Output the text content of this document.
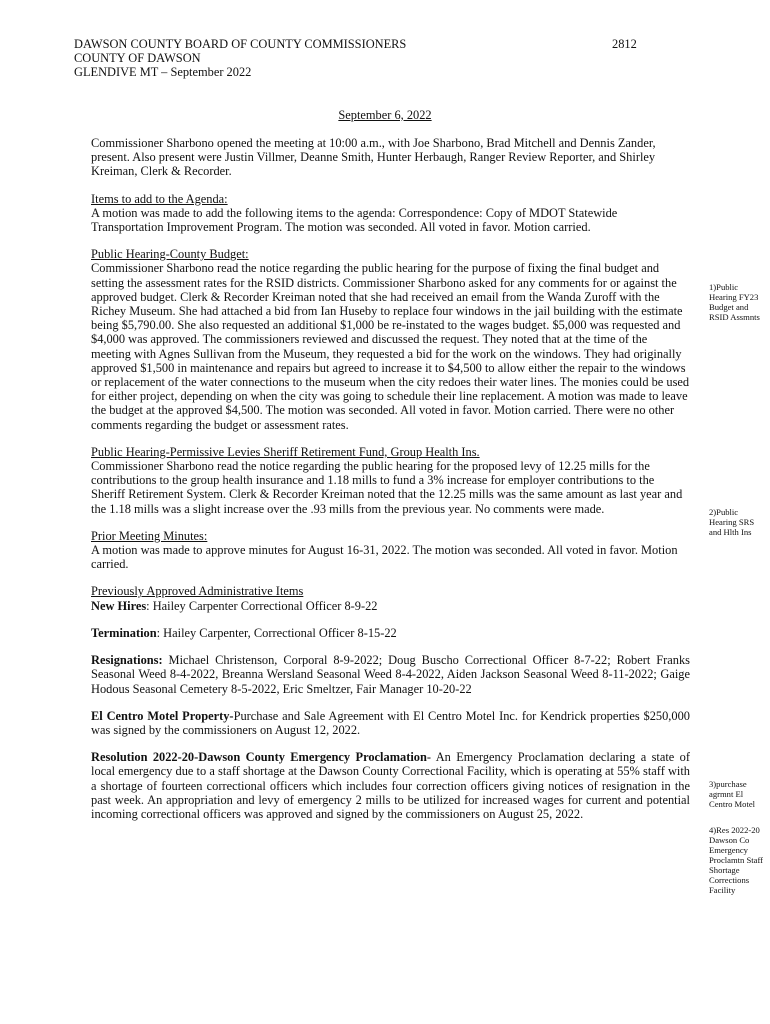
DAWSON COUNTY BOARD OF COUNTY COMMISSIONERS
COUNTY OF DAWSON
GLENDIVE MT – September 2022
2812
September 6, 2022

Commissioner Sharbono opened the meeting at 10:00 a.m., with Joe Sharbono, Brad Mitchell and Dennis Zander, present. Also present were Justin Villmer, Deanne Smith, Hunter Herbaugh, Ranger Review Reporter, and Shirley Kreiman, Clerk & Recorder.

Items to add to the Agenda:

A motion was made to add the following items to the agenda: Correspondence: Copy of MDOT Statewide Transportation Improvement Program. The motion was seconded. All voted in favor. Motion carried.

Public Hearing-County Budget:

Commissioner Sharbono read the notice regarding the public hearing for the purpose of fixing the final budget and setting the assessment rates for the RSID districts. Commissioner Sharbono asked for any comments for or against the approved budget. Clerk & Recorder Kreiman noted that she had received an email from the Wanda Zuroff with the Richey Museum. She had attached a bid from Ian Huseby to replace four windows in the jail building with the estimate being $5,790.00. She also requested an additional $1,000 be re-instated to the wages budget. $5,000 was requested and $4,000 was approved. The commissioners reviewed and discussed the request. They noted that at the time of the meeting with Agnes Sullivan from the Museum, they requested a bid for the work on the windows. They had originally approved $1,500 in maintenance and repairs but agreed to increase it to $4,500 to allow either the repair to the windows or replacement of the water connections to the museum when the city redoes their water lines. The monies could be used for either project, depending on when the city was going to schedule their line replacement. A motion was made to leave the budget at the approved $4,500. The motion was seconded. All voted in favor. Motion carried. There were no other comments regarding the budget or assessment rates.

Public Hearing-Permissive Levies Sheriff Retirement Fund, Group Health Ins.

Commissioner Sharbono read the notice regarding the public hearing for the proposed levy of 12.25 mills for the contributions to the group health insurance and 1.18 mills to fund a 3% increase for employer contributions to the Sheriff Retirement System. Clerk & Recorder Kreiman noted that the 12.25 mills was the same amount as last year and the 1.18 mills was a slight increase over the .93 mills from the previous year. No comments were made.

Prior Meeting Minutes:

A motion was made to approve minutes for August 16-31, 2022. The motion was seconded. All voted in favor. Motion carried.

Previously Approved Administrative Items

New Hires: Hailey Carpenter Correctional Officer 8-9-22

Termination: Hailey Carpenter, Correctional Officer 8-15-22

Resignations: Michael Christenson, Corporal 8-9-2022; Doug Buscho Correctional Officer 8-7-22; Robert Franks Seasonal Weed 8-4-2022, Breanna Wersland Seasonal Weed 8-4-2022, Aiden Jackson Seasonal Weed 8-11-2022; Gaige Hodous Seasonal Cemetery 8-5-2022, Eric Smeltzer, Fair Manager 10-20-22

El Centro Motel Property-Purchase and Sale Agreement with El Centro Motel Inc. for Kendrick properties $250,000 was signed by the commissioners on August 12, 2022.

Resolution 2022-20-Dawson County Emergency Proclamation- An Emergency Proclamation declaring a state of local emergency due to a staff shortage at the Dawson County Correctional Facility, which is operating at 55% staff with a shortage of fourteen correctional officers which includes four correction officers giving notices of resignation in the past week. An appropriation and levy of emergency 2 mills to be utilized for increased wages for current and potential incoming correctional officers was approved and signed by the commissioners on August 25, 2022.

1)Public Hearing FY23 Budget and RSID Assmnts
2)Public Hearing SRS and Hlth Ins
3)purchase agrmnt El Centro Motel
4)Res 2022-20 Dawson Co Emergency Proclamtn Staff Shortage Corrections Facility
